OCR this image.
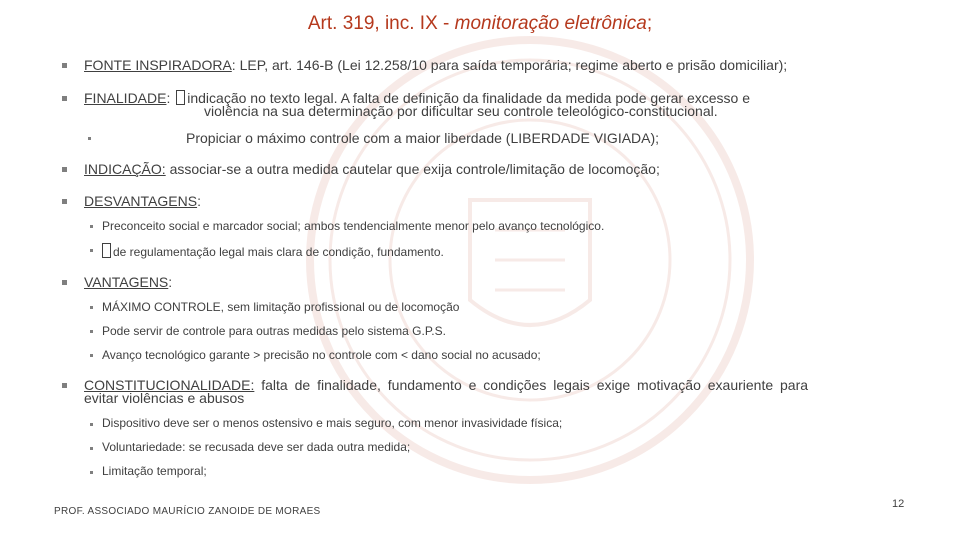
Art. 319, inc. IX - monitoração eletrônica;
FONTE INSPIRADORA: LEP, art. 146-B (Lei 12.258/10 para saída temporária; regime aberto e prisão domiciliar);
FINALIDADE: indicação no texto legal. A falta de definição da finalidade da medida pode gerar excesso e
violência na sua determinação por dificultar seu controle teleológico-constitucional.
Propiciar o máximo controle com a maior liberdade (LIBERDADE VIGIADA);
INDICAÇÃO: associar-se a outra medida cautelar que exija controle/limitação de locomoção;
DESVANTAGENS:
Preconceito social e marcador social; ambos tendencialmente menor pelo avanço tecnológico.
de regulamentação legal mais clara de condição, fundamento.
VANTAGENS:
MÁXIMO CONTROLE, sem limitação profissional ou de locomoção
Pode servir de controle para outras medidas pelo sistema G.P.S.
Avanço tecnológico garante > precisão no controle com < dano social no acusado;
CONSTITUCIONALIDADE: falta de finalidade, fundamento e condições legais exige motivação exauriente para
evitar violências e abusos
Dispositivo deve ser o menos ostensivo e mais seguro, com menor invasividade física;
Voluntariedade: se recusada deve ser dada outra medida;
Limitação temporal;
PROF. ASSOCIADO MAURÍCIO ZANOIDE DE MORAES
12
